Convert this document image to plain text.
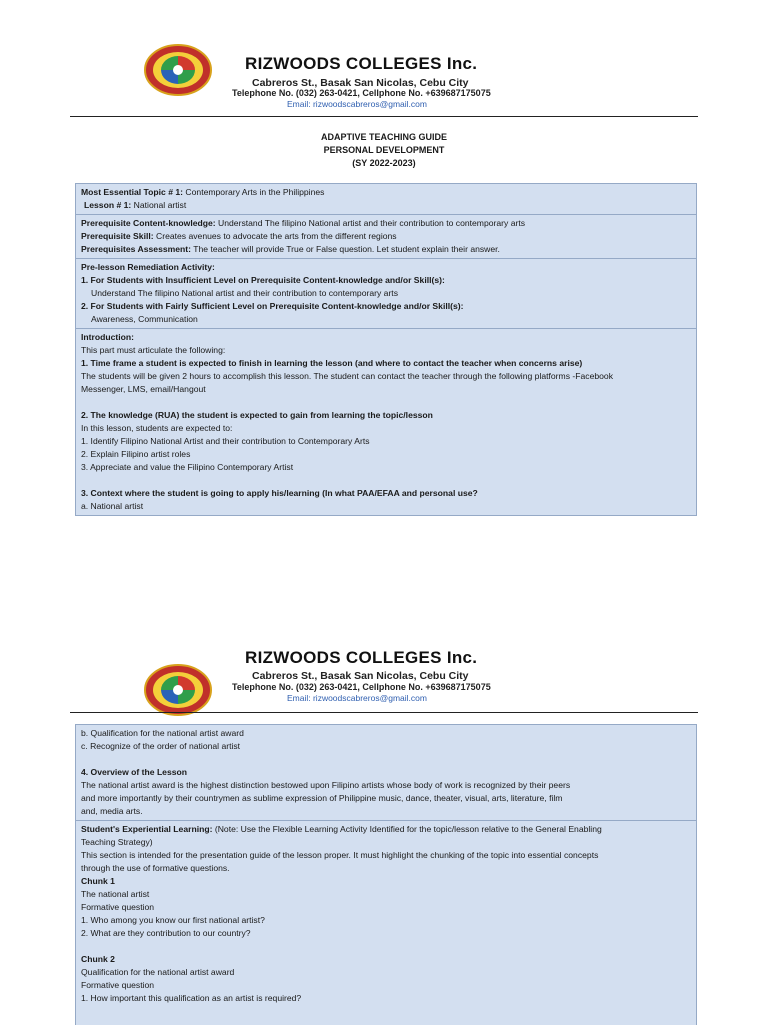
RIZWOODS COLLEGES Inc.
Cabreros St., Basak San Nicolas, Cebu City
Telephone No. (032) 263-0421, Cellphone No. +639687175075
Email: rizwoodscabreros@gmail.com
ADAPTIVE TEACHING GUIDE
PERSONAL DEVELOPMENT
(SY 2022-2023)
Most Essential Topic # 1: Contemporary Arts in the Philippines
Lesson # 1: National artist
Prerequisite Content-knowledge: Understand The filipino National artist and their contribution to contemporary arts
Prerequisite Skill: Creates avenues to advocate the arts from the different regions
Prerequisites Assessment: The teacher will provide True or False question. Let student explain their answer.
Pre-lesson Remediation Activity:
1. For Students with Insufficient Level on Prerequisite Content-knowledge and/or Skill(s):
Understand The filipino National artist and their contribution to contemporary arts
2. For Students with Fairly Sufficient Level on Prerequisite Content-knowledge and/or Skill(s):
Awareness, Communication
Introduction:
This part must articulate the following:
1. Time frame a student is expected to finish in learning the lesson (and where to contact the teacher when concerns arise)
The students will be given 2 hours to accomplish this lesson. The student can contact the teacher through the following platforms -Facebook
Messenger, LMS, email/Hangout
2. The knowledge (RUA) the student is expected to gain from learning the topic/lesson
In this lesson, students are expected to:
1. Identify Filipino National Artist and their contribution to Contemporary Arts
2. Explain Filipino artist roles
3. Appreciate and value the Filipino Contemporary Artist
3. Context where the student is going to apply his/learning (In what PAA/EFAA and personal use?
a. National artist
RIZWOODS COLLEGES Inc.
Cabreros St., Basak San Nicolas, Cebu City
Telephone No. (032) 263-0421, Cellphone No. +639687175075
Email: rizwoodscabreros@gmail.com
b. Qualification for the national artist award
c. Recognize of the order of national artist
4. Overview of the Lesson
The national artist award is the highest distinction bestowed upon Filipino artists whose body of work is recognized by their peers
and more importantly by their countrymen as sublime expression of Philippine music, dance, theater, visual, arts, literature, film
and, media arts.
Student's Experiential Learning: (Note: Use the Flexible Learning Activity Identified for the topic/lesson relative to the General Enabling
Teaching Strategy)
This section is intended for the presentation guide of the lesson proper. It must highlight the chunking of the topic into essential concepts
through the use of formative questions.
Chunk 1
The national artist
Formative question
1. Who among you know our first national artist?
2. What are they contribution to our country?
Chunk 2
Qualification for the national artist award
Formative question
1. How important this qualification as an artist is required?
